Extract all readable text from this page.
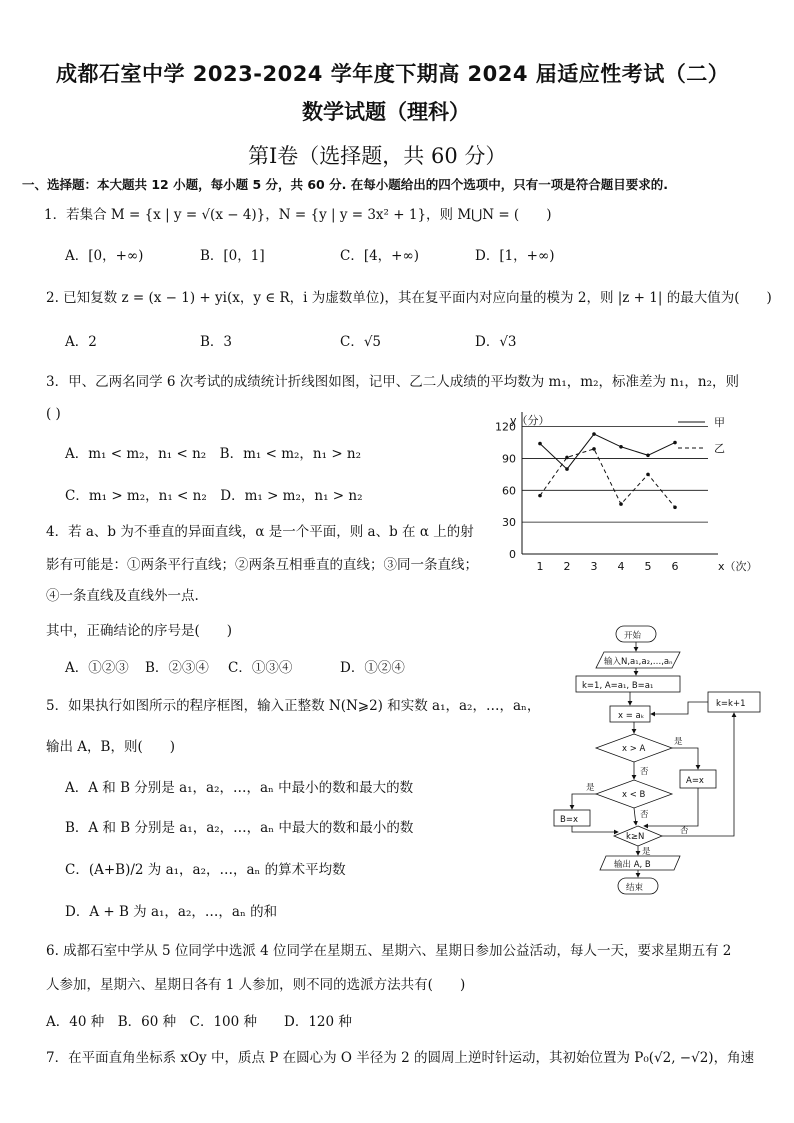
成都石室中学 2023-2024 学年度下期高 2024 届适应性考试（二）
数学试题（理科）
第Ⅰ卷（选择题，共 60 分）
一、选择题：本大题共 12 小题，每小题 5 分，共 60 分. 在每小题给出的四个选项中，只有一项是符合题目要求的.
1．若集合 M = {x | y = √(x − 4)}，N = {y | y = 3x² + 1}，则 M⋃N = (　　)
A．[0，+∞)	B．[0，1]	C．[4，+∞)	D．[1，+∞)
2. 已知复数 z = (x − 1) + yi(x，y ∈ R，i 为虚数单位)，其在复平面内对应向量的模为 2，则 |z + 1| 的最大值为(　　)
A．2	B．3	C．√5	D．√3
3．甲、乙两名同学 6 次考试的成绩统计折线图如图，记甲、乙二人成绩的平均数为 m₁，m₂，标准差为 n₁，n₂，则
( )
A．m₁ < m₂，n₁ < n₂　B．m₁ < m₂，n₁ > n₂
C．m₁ > m₂，n₁ < n₂　D．m₁ > m₂，n₁ > n₂
y（分）
x（次）
0
30
60
90
120
1 2 3 4 5 6
甲
乙
4．若 a、b 为不垂直的异面直线，α 是一个平面，则 a、b 在 α 上的射
影有可能是：①两条平行直线；②两条互相垂直的直线；③同一条直线；
④一条直线及直线外一点.
其中，正确结论的序号是(　　)
A．①②③ B．②③④ C．①③④	D．①②④
5．如果执行如图所示的程序框图，输入正整数 N(N⩾2) 和实数 a₁，a₂，…，aₙ，
输出 A，B，则(　　)
A．A 和 B 分别是 a₁，a₂，…，aₙ 中最小的数和最大的数
B．A 和 B 分别是 a₁，a₂，…，aₙ 中最大的数和最小的数
C．(A+B)/2 为 a₁，a₂，…，aₙ 的算术平均数
D．A + B 为 a₁，a₂，…，aₙ 的和
开始
输入N,a₁,a₂,…,aₙ
k=1, A=a₁, B=a₁
x = aₖ
x > A
是
否
A=x
x < B
是
否
B=x
k≥N
是
否
输出 A, B
结束
k=k+1
6. 成都石室中学从 5 位同学中选派 4 位同学在星期五、星期六、星期日参加公益活动，每人一天，要求星期五有 2
人参加，星期六、星期日各有 1 人参加，则不同的选派方法共有(　　)
A．40 种　B．60 种　C．100 种　　D．120 种
7．在平面直角坐标系 xOy 中，质点 P 在圆心为 O 半径为 2 的圆周上逆时针运动，其初始位置为 P₀(√2, −√2)，角速
